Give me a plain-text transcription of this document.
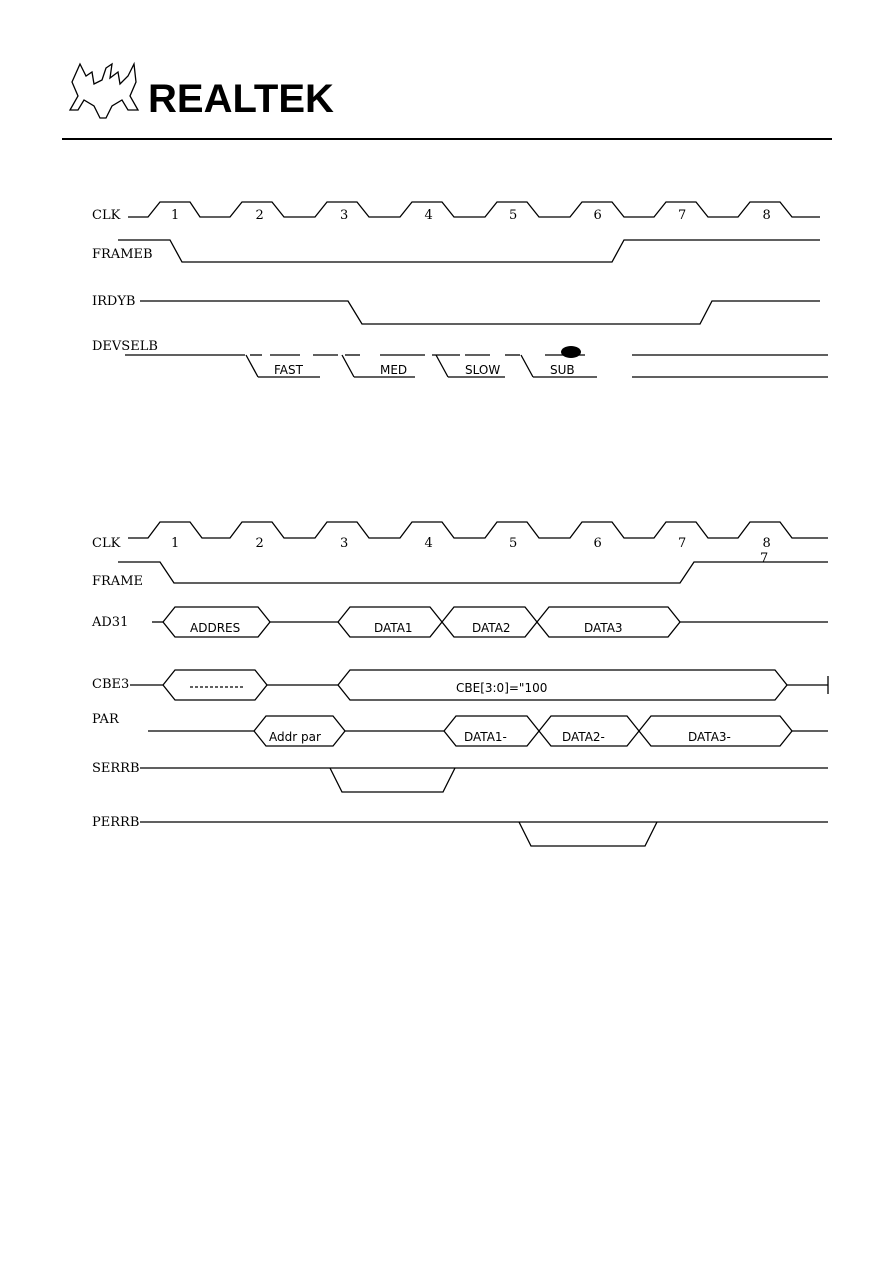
REALTEK
CLK
FRAMEB
IRDYB
DEVSELB
1	2	3	4	5	6	7	8
FAST	MED	SLOW	SUB
CLK
FRAME
AD31
CBE3
PAR
SERRB
PERRB
1	2	3	4	5	6	7	8
7
ADDRES	DATA1	DATA2	DATA3
CBE[3:0]="100
Addr par	DATA1-	DATA2-	DATA3-
